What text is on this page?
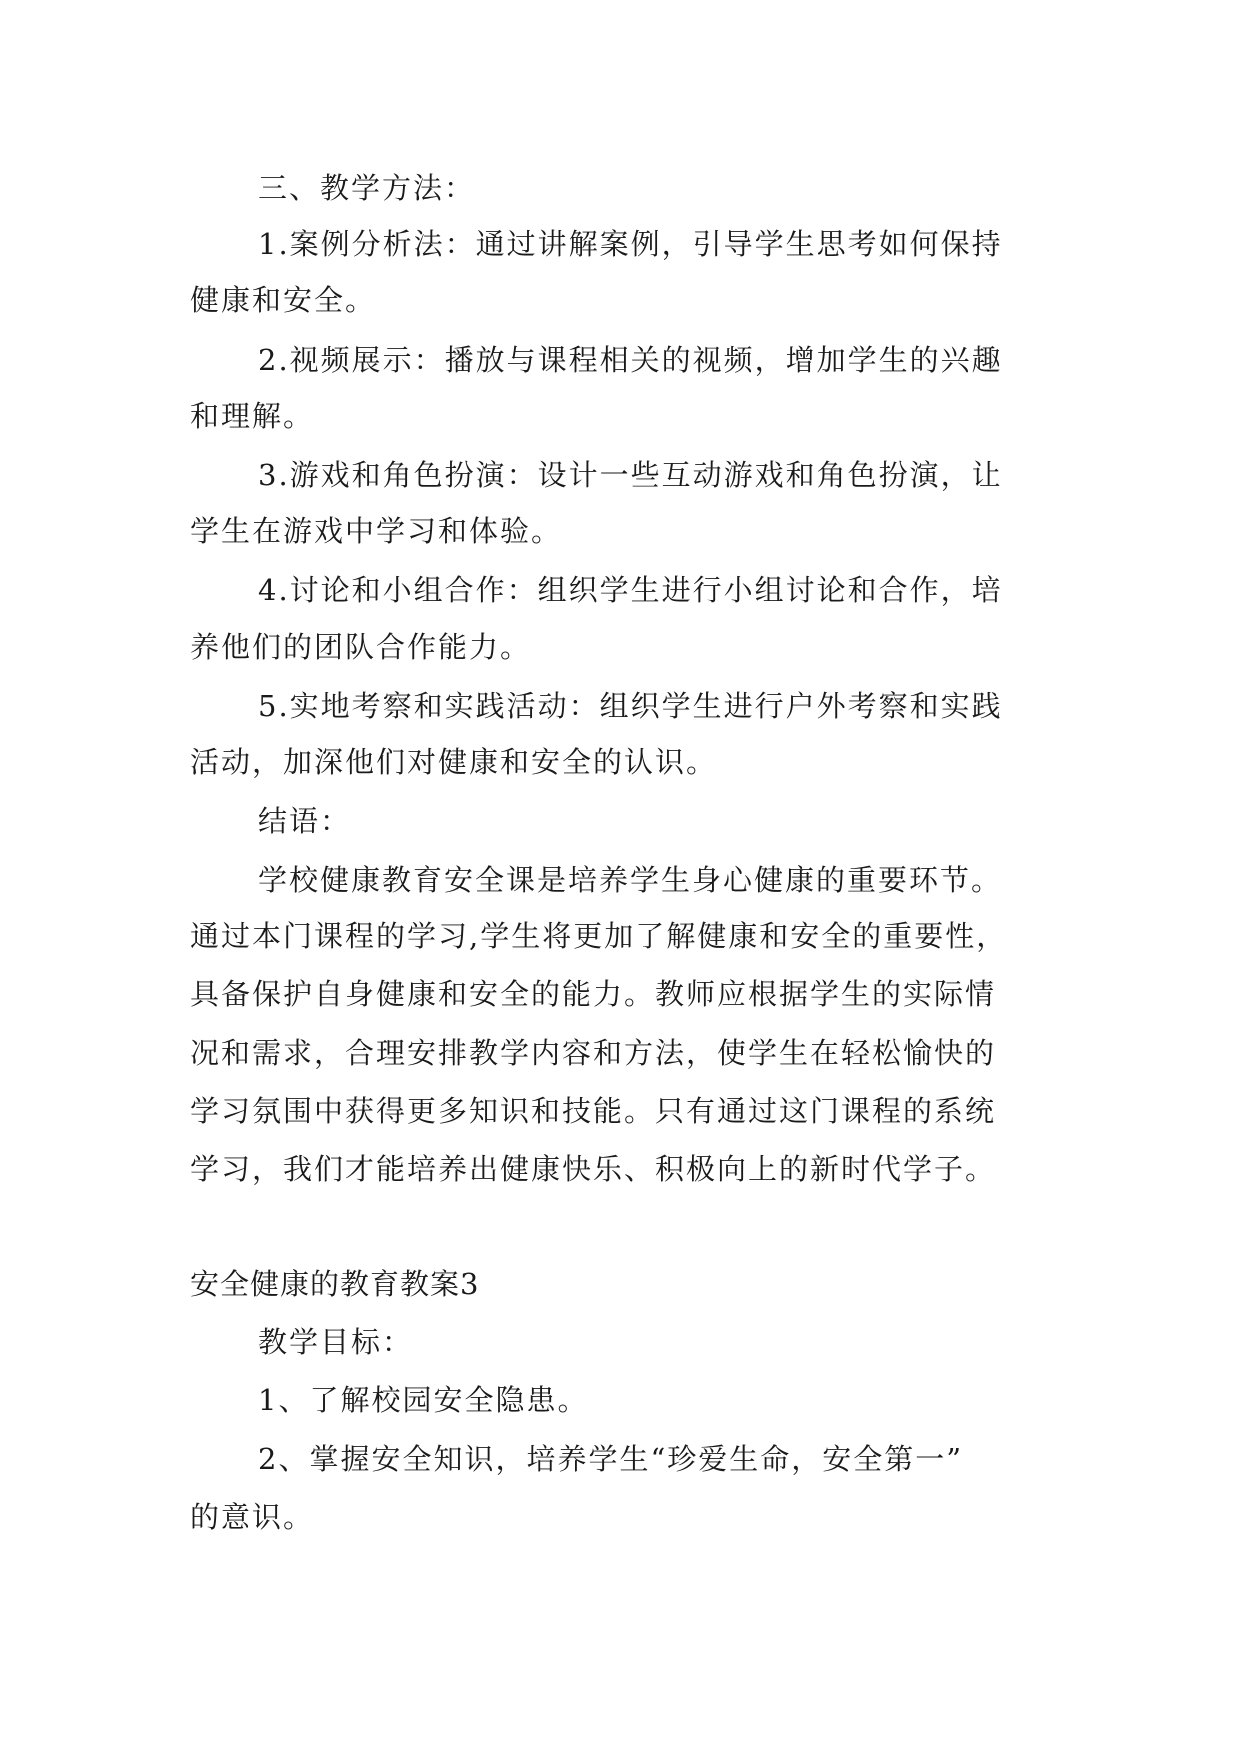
三、教学方法：
1.案例分析法：通过讲解案例，引导学生思考如何保持
健康和安全。
2.视频展示：播放与课程相关的视频，增加学生的兴趣
和理解。
3.游戏和角色扮演：设计一些互动游戏和角色扮演，让
学生在游戏中学习和体验。
4.讨论和小组合作：组织学生进行小组讨论和合作，培
养他们的团队合作能力。
5.实地考察和实践活动：组织学生进行户外考察和实践
活动，加深他们对健康和安全的认识。
结语：
学校健康教育安全课是培养学生身心健康的重要环节。
通过本门课程的学习,学生将更加了解健康和安全的重要性，
具备保护自身健康和安全的能力。教师应根据学生的实际情
况和需求，合理安排教学内容和方法，使学生在轻松愉快的
学习氛围中获得更多知识和技能。只有通过这门课程的系统
学习，我们才能培养出健康快乐、积极向上的新时代学子。
安全健康的教育教案3
教学目标：
1、了解校园安全隐患。
2、掌握安全知识，培养学生“珍爱生命，安全第一”
的意识。
